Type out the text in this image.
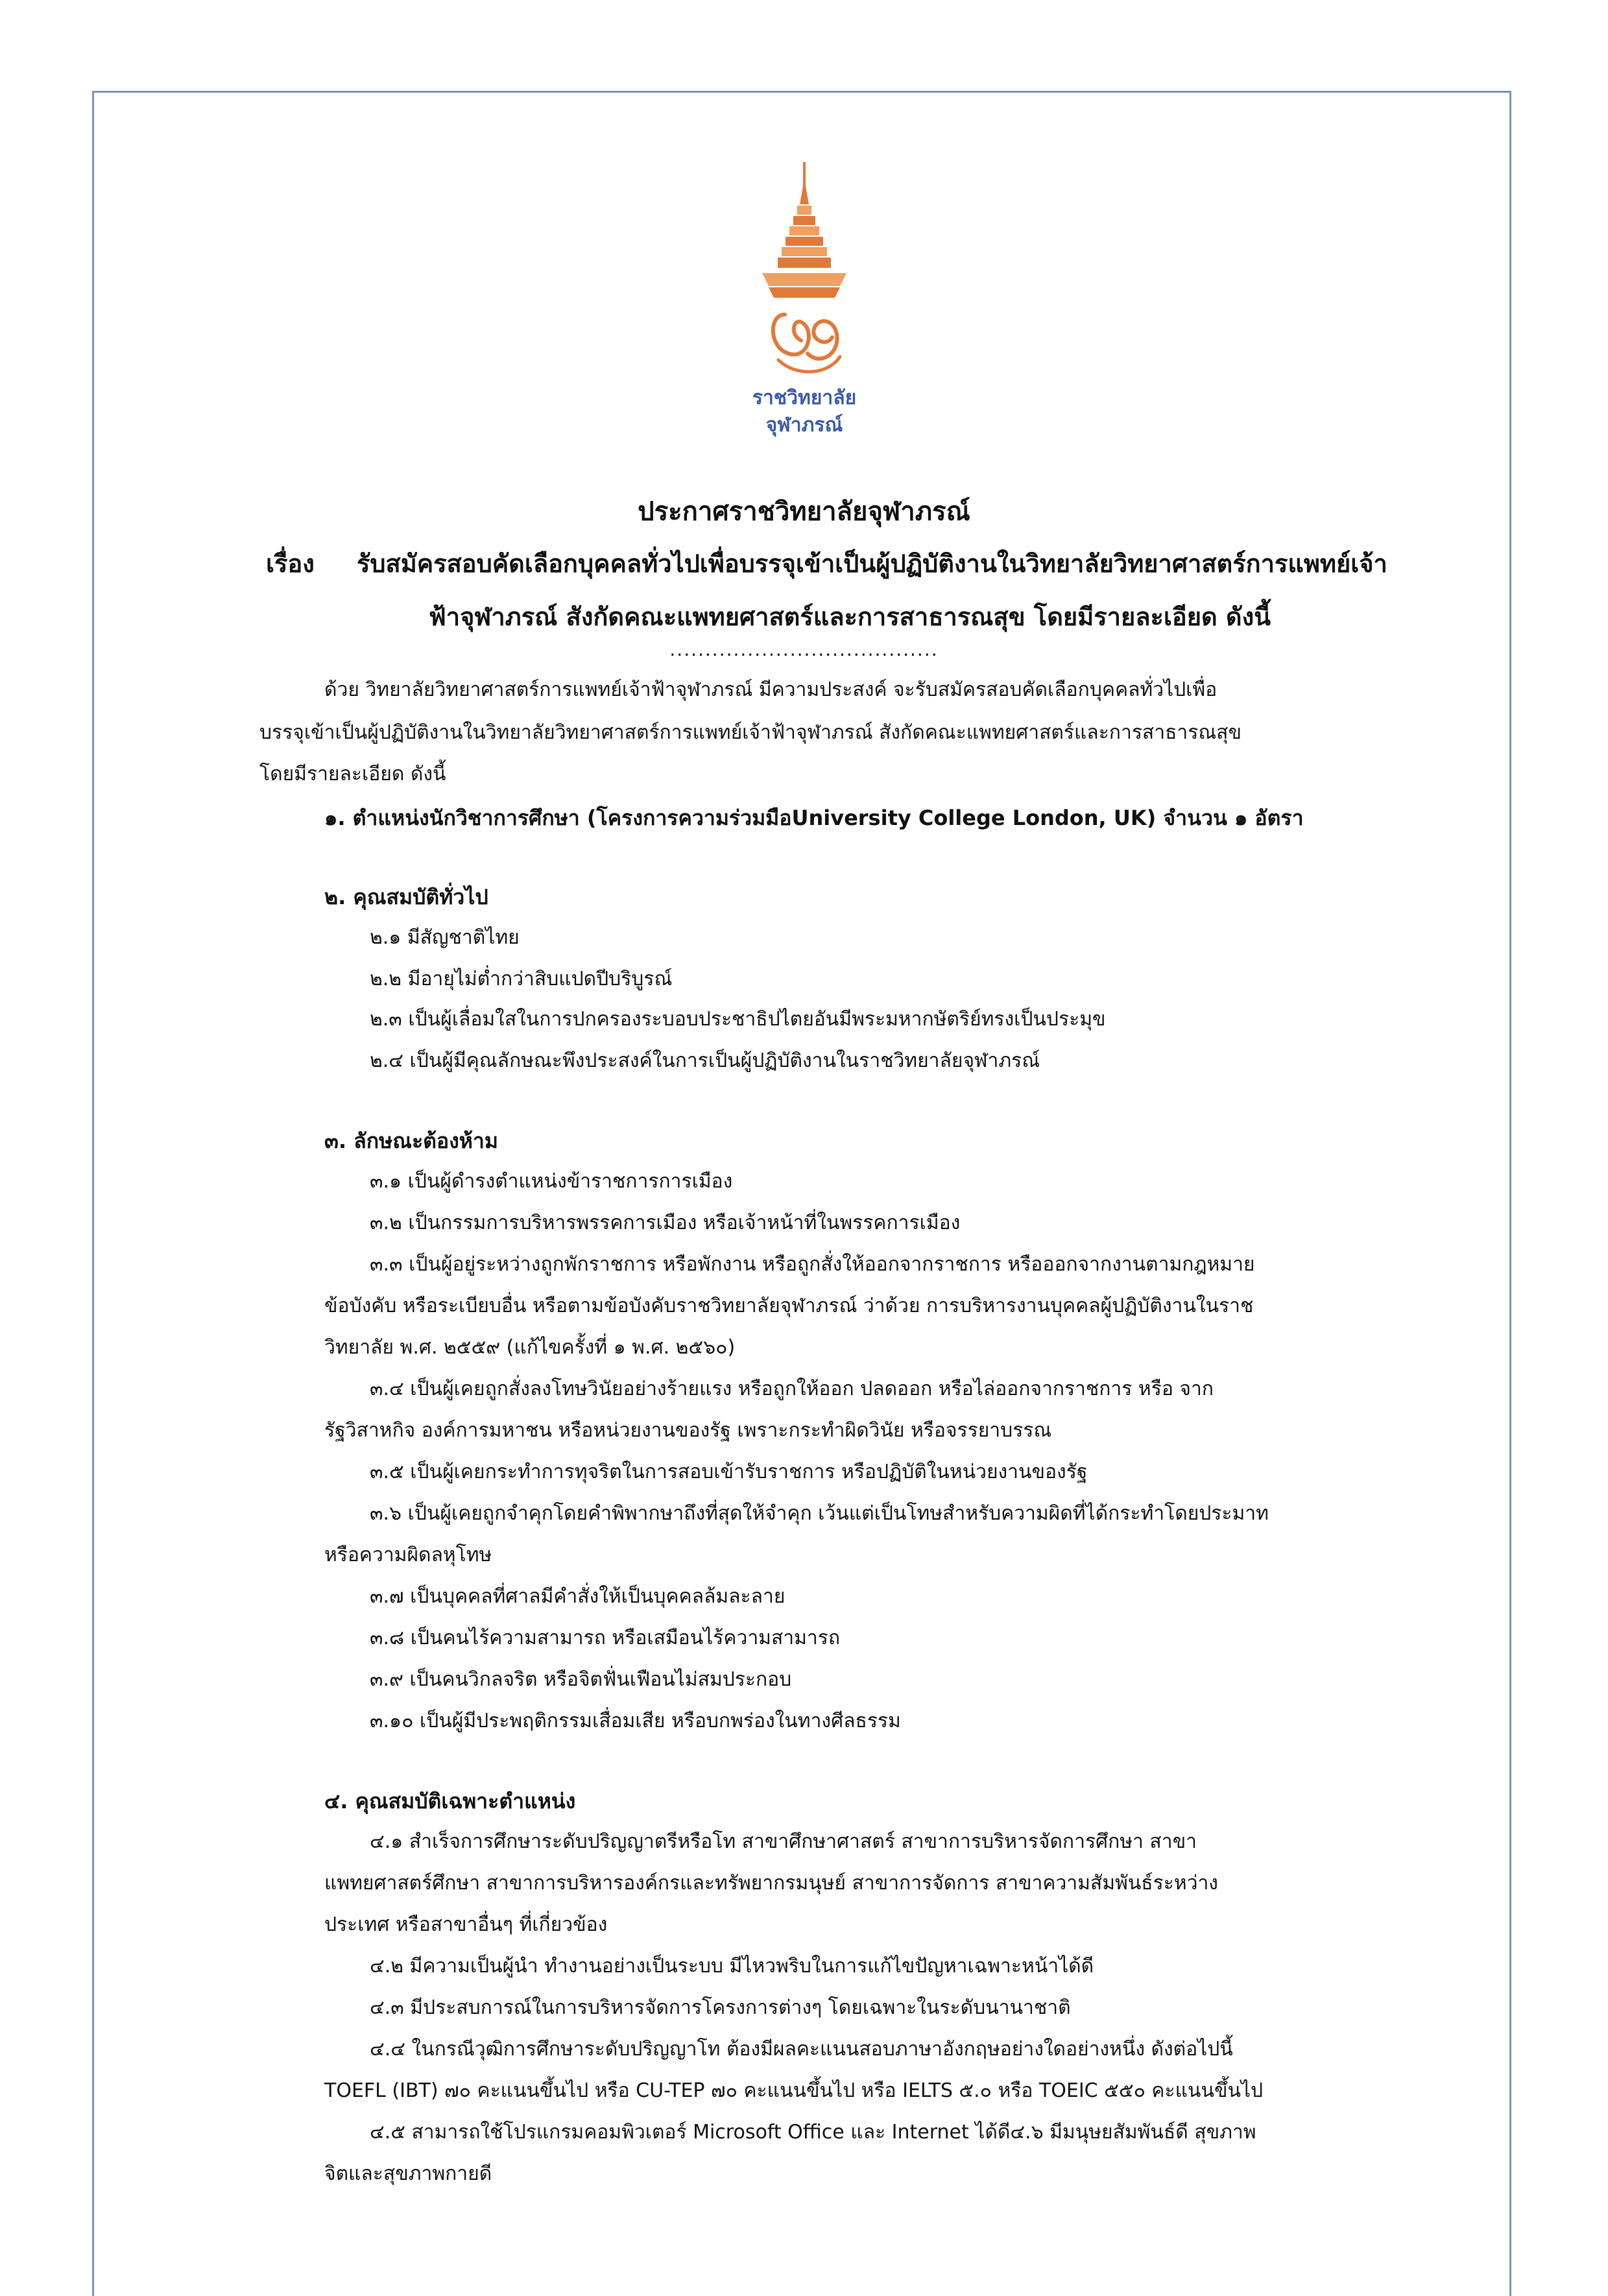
ราชวิทยาลัย
จุฬาภรณ์
ประกาศราชวิทยาลัยจุฬาภรณ์
เรื่อง รับสมัครสอบคัดเลือกบุคคลทั่วไปเพื่อบรรจุเข้าเป็นผู้ปฏิบัติงานในวิทยาลัยวิทยาศาสตร์การแพทย์เจ้า
ฟ้าจุฬาภรณ์ สังกัดคณะแพทยศาสตร์และการสาธารณสุข โดยมีรายละเอียด ดังนี้
......................................
ด้วย วิทยาลัยวิทยาศาสตร์การแพทย์เจ้าฟ้าจุฬาภรณ์ มีความประสงค์ จะรับสมัครสอบคัดเลือกบุคคลทั่วไปเพื่อ
บรรจุเข้าเป็นผู้ปฏิบัติงานในวิทยาลัยวิทยาศาสตร์การแพทย์เจ้าฟ้าจุฬาภรณ์ สังกัดคณะแพทยศาสตร์และการสาธารณสุข
โดยมีรายละเอียด ดังนี้
๑. ตำแหน่งนักวิชาการศึกษา (โครงการความร่วมมือUniversity College London, UK) จำนวน ๑ อัตรา
๒. คุณสมบัติทั่วไป
๒.๑ มีสัญชาติไทย
๒.๒ มีอายุไม่ต่ำกว่าสิบแปดปีบริบูรณ์
๒.๓ เป็นผู้เลื่อมใสในการปกครองระบอบประชาธิปไตยอันมีพระมหากษัตริย์ทรงเป็นประมุข
๒.๔ เป็นผู้มีคุณลักษณะพึงประสงค์ในการเป็นผู้ปฏิบัติงานในราชวิทยาลัยจุฬาภรณ์
๓. ลักษณะต้องห้าม
๓.๑ เป็นผู้ดำรงตำแหน่งข้าราชการการเมือง
๓.๒ เป็นกรรมการบริหารพรรคการเมือง หรือเจ้าหน้าที่ในพรรคการเมือง
๓.๓ เป็นผู้อยู่ระหว่างถูกพักราชการ หรือพักงาน หรือถูกสั่งให้ออกจากราชการ หรือออกจากงานตามกฎหมาย
ข้อบังคับ หรือระเบียบอื่น หรือตามข้อบังคับราชวิทยาลัยจุฬาภรณ์ ว่าด้วย การบริหารงานบุคคลผู้ปฏิบัติงานในราช
วิทยาลัย พ.ศ. ๒๕๕๙ (แก้ไขครั้งที่ ๑ พ.ศ. ๒๕๖๐)
๓.๔ เป็นผู้เคยถูกสั่งลงโทษวินัยอย่างร้ายแรง หรือถูกให้ออก ปลดออก หรือไล่ออกจากราชการ หรือ จาก
รัฐวิสาหกิจ องค์การมหาชน หรือหน่วยงานของรัฐ เพราะกระทำผิดวินัย หรือจรรยาบรรณ
๓.๕ เป็นผู้เคยกระทำการทุจริตในการสอบเข้ารับราชการ หรือปฏิบัติในหน่วยงานของรัฐ
๓.๖ เป็นผู้เคยถูกจำคุกโดยคำพิพากษาถึงที่สุดให้จำคุก เว้นแต่เป็นโทษสำหรับความผิดที่ได้กระทำโดยประมาท
หรือความผิดลหุโทษ
๓.๗ เป็นบุคคลที่ศาลมีคำสั่งให้เป็นบุคคลล้มละลาย
๓.๘ เป็นคนไร้ความสามารถ หรือเสมือนไร้ความสามารถ
๓.๙ เป็นคนวิกลจริต หรือจิตฟั่นเฟือนไม่สมประกอบ
๓.๑๐ เป็นผู้มีประพฤติกรรมเสื่อมเสีย หรือบกพร่องในทางศีลธรรม
๔. คุณสมบัติเฉพาะตำแหน่ง
๔.๑ สำเร็จการศึกษาระดับปริญญาตรีหรือโท สาขาศึกษาศาสตร์ สาขาการบริหารจัดการศึกษา สาขา
แพทยศาสตร์ศึกษา สาขาการบริหารองค์กรและทรัพยากรมนุษย์ สาขาการจัดการ สาขาความสัมพันธ์ระหว่าง
ประเทศ หรือสาขาอื่นๆ ที่เกี่ยวข้อง
๔.๒ มีความเป็นผู้นำ ทำงานอย่างเป็นระบบ มีไหวพริบในการแก้ไขปัญหาเฉพาะหน้าได้ดี
๔.๓ มีประสบการณ์ในการบริหารจัดการโครงการต่างๆ โดยเฉพาะในระดับนานาชาติ
๔.๔ ในกรณีวุฒิการศึกษาระดับปริญญาโท ต้องมีผลคะแนนสอบภาษาอังกฤษอย่างใดอย่างหนึ่ง ดังต่อไปนี้
TOEFL (IBT) ๗๐ คะแนนขึ้นไป หรือ CU-TEP ๗๐ คะแนนขึ้นไป หรือ IELTS ๕.๐ หรือ TOEIC ๕๕๐ คะแนนขึ้นไป
๔.๕ สามารถใช้โปรแกรมคอมพิวเตอร์ Microsoft Office และ Internet ได้ดี๔.๖ มีมนุษยสัมพันธ์ดี สุขภาพ
จิตและสุขภาพกายดี
